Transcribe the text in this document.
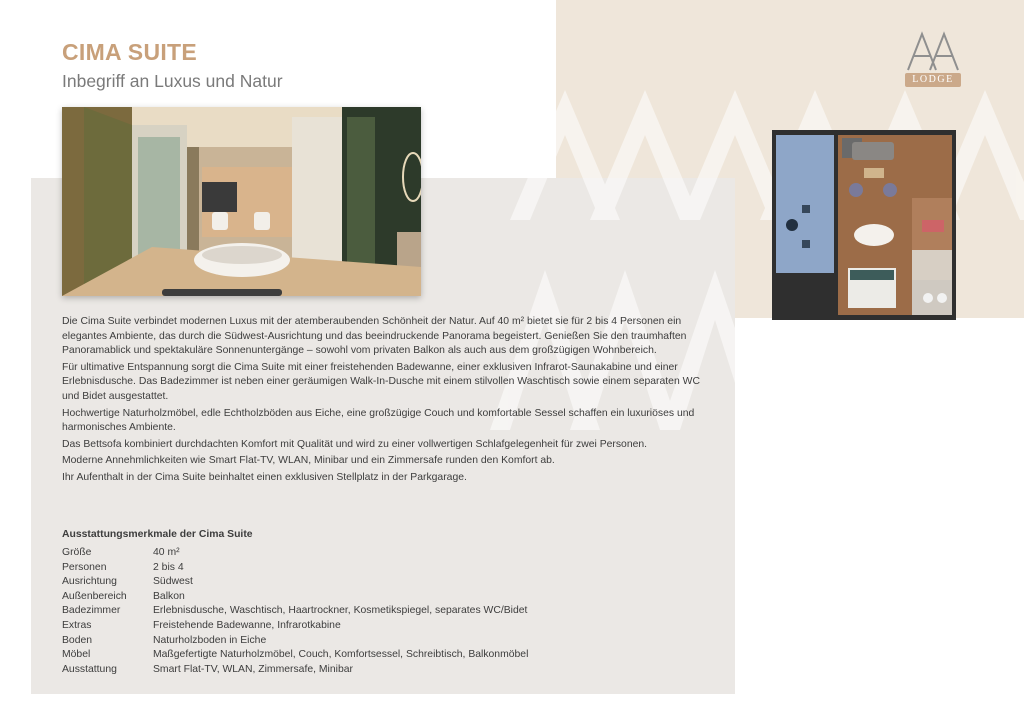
CIMA SUITE

Inbegriff an Luxus und Natur	LODGE

Die Cima Suite verbindet modernen Luxus mit der atemberaubenden Schönheit der Natur. Auf 40 m² bietet sie für 2 bis 4 Personen ein elegantes Ambiente, das durch die Südwest-Ausrichtung und das beeindruckende Panorama begeistert. Genießen Sie den traumhaften Panoramablick und spektakuläre Sonnenuntergänge – sowohl vom privaten Balkon als auch aus dem großzügigen Wohnbereich.

Für ultimative Entspannung sorgt die Cima Suite mit einer freistehenden Badewanne, einer exklusiven Infrarot-Saunakabine und einer Erlebnisdusche. Das Badezimmer ist neben einer geräumigen Walk-In-Dusche mit einem stilvollen Waschtisch sowie einem separaten WC und Bidet ausgestattet.

Hochwertige Naturholzmöbel, edle Echtholzböden aus Eiche, eine großzügige Couch und komfortable Sessel schaffen ein luxuriöses und harmonisches Ambiente.

Das Bettsofa kombiniert durchdachten Komfort mit Qualität und wird zu einer vollwertigen Schlafgelegenheit für zwei Personen.

Moderne Annehmlichkeiten wie Smart Flat-TV, WLAN, Minibar und ein Zimmersafe runden den Komfort ab.

Ihr Aufenthalt in der Cima Suite beinhaltet einen exklusiven Stellplatz in der Parkgarage.

Ausstattungsmerkmale der Cima Suite
Größe	40 m²
Personen	2 bis 4
Ausrichtung	Südwest
Außenbereich	Balkon
Badezimmer	Erlebnisdusche, Waschtisch, Haartrockner, Kosmetikspiegel, separates WC/Bidet
Extras	Freistehende Badewanne, Infrarotkabine
Boden	Naturholzboden in Eiche
Möbel	Maßgefertigte Naturholzmöbel, Couch, Komfortsessel, Schreibtisch, Balkonmöbel
Ausstattung	Smart Flat-TV, WLAN, Zimmersafe, Minibar
